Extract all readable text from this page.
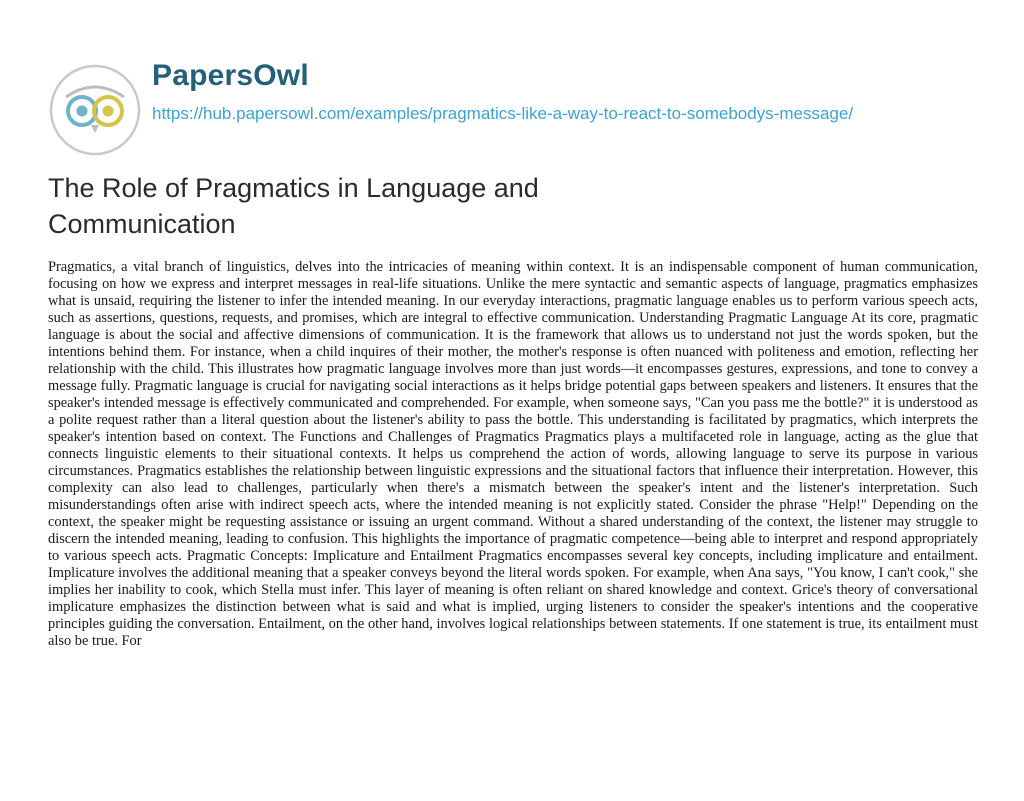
PapersOwl
https://hub.papersowl.com/examples/pragmatics-like-a-way-to-react-to-somebodys-message/
The Role of Pragmatics in Language and Communication

Pragmatics, a vital branch of linguistics, delves into the intricacies of meaning within context. It is an indispensable component of human communication, focusing on how we express and interpret messages in real-life situations. Unlike the mere syntactic and semantic aspects of language, pragmatics emphasizes what is unsaid, requiring the listener to infer the intended meaning. In our everyday interactions, pragmatic language enables us to perform various speech acts, such as assertions, questions, requests, and promises, which are integral to effective communication. Understanding Pragmatic Language At its core, pragmatic language is about the social and affective dimensions of communication. It is the framework that allows us to understand not just the words spoken, but the intentions behind them. For instance, when a child inquires of their mother, the mother's response is often nuanced with politeness and emotion, reflecting her relationship with the child. This illustrates how pragmatic language involves more than just words—it encompasses gestures, expressions, and tone to convey a message fully. Pragmatic language is crucial for navigating social interactions as it helps bridge potential gaps between speakers and listeners. It ensures that the speaker's intended message is effectively communicated and comprehended. For example, when someone says, "Can you pass me the bottle?" it is understood as a polite request rather than a literal question about the listener's ability to pass the bottle. This understanding is facilitated by pragmatics, which interprets the speaker's intention based on context. The Functions and Challenges of Pragmatics Pragmatics plays a multifaceted role in language, acting as the glue that connects linguistic elements to their situational contexts. It helps us comprehend the action of words, allowing language to serve its purpose in various circumstances. Pragmatics establishes the relationship between linguistic expressions and the situational factors that influence their interpretation. However, this complexity can also lead to challenges, particularly when there's a mismatch between the speaker's intent and the listener's interpretation. Such misunderstandings often arise with indirect speech acts, where the intended meaning is not explicitly stated. Consider the phrase "Help!" Depending on the context, the speaker might be requesting assistance or issuing an urgent command. Without a shared understanding of the context, the listener may struggle to discern the intended meaning, leading to confusion. This highlights the importance of pragmatic competence—being able to interpret and respond appropriately to various speech acts. Pragmatic Concepts: Implicature and Entailment Pragmatics encompasses several key concepts, including implicature and entailment. Implicature involves the additional meaning that a speaker conveys beyond the literal words spoken. For example, when Ana says, "You know, I can't cook," she implies her inability to cook, which Stella must infer. This layer of meaning is often reliant on shared knowledge and context. Grice's theory of conversational implicature emphasizes the distinction between what is said and what is implied, urging listeners to consider the speaker's intentions and the cooperative principles guiding the conversation. Entailment, on the other hand, involves logical relationships between statements. If one statement is true, its entailment must also be true. For
